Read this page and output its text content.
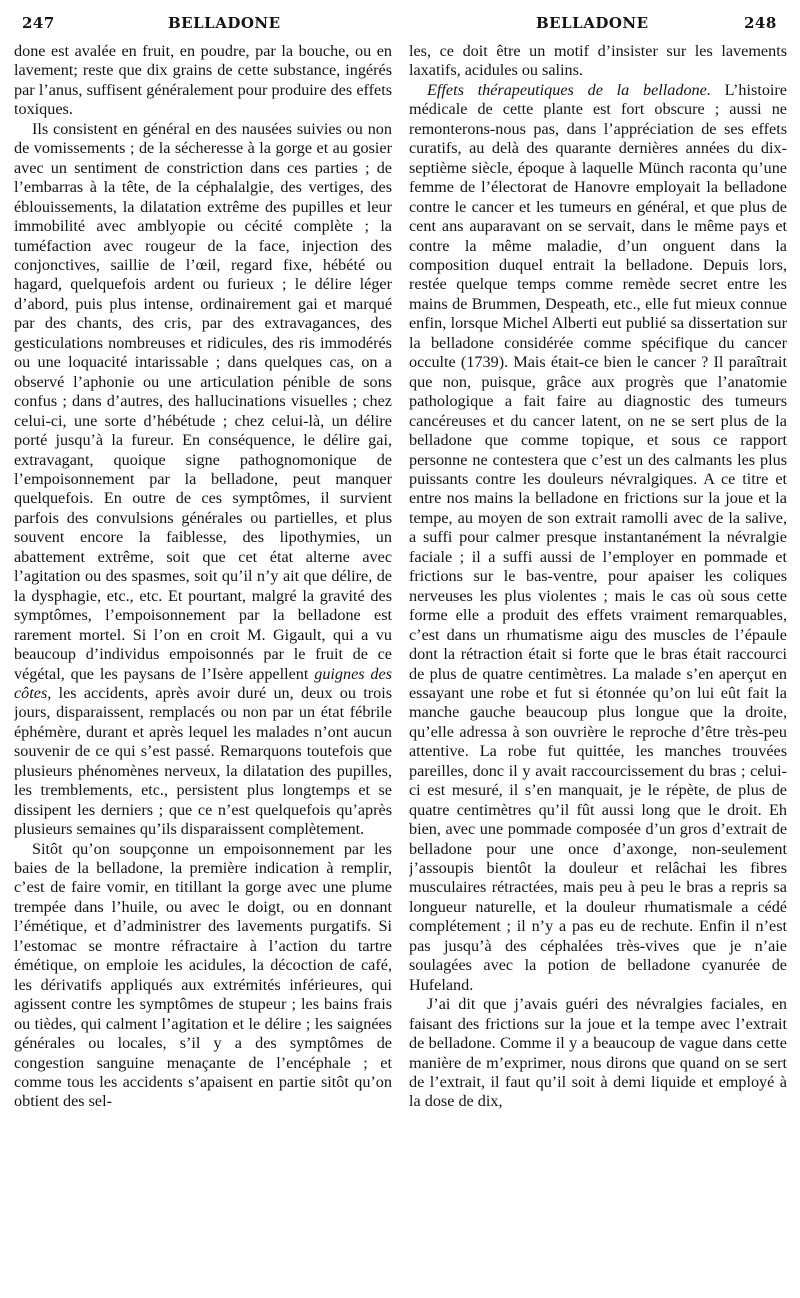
247	BELLADONE	BELLADONE	248

done est avalée en fruit, en poudre, par la bouche, ou en lavement; reste que dix grains de cette substance, ingérés par l’anus, suffisent généralement pour produire des effets toxiques.

Ils consistent en général en des nausées suivies ou non de vomissements ; de la sécheresse à la gorge et au gosier avec un sentiment de constriction dans ces parties ; de l’embarras à la tête, de la céphalalgie, des vertiges, des éblouissements, la dilatation extrême des pupilles et leur immobilité avec amblyopie ou cécité complète ; la tuméfaction avec rougeur de la face, injection des conjonctives, saillie de l’œil, regard fixe, hébété ou hagard, quelquefois ardent ou furieux ; le délire léger d’abord, puis plus intense, ordinairement gai et marqué par des chants, des cris, par des extravagances, des gesticulations nombreuses et ridicules, des ris immodérés ou une loquacité intarissable ; dans quelques cas, on a observé l’aphonie ou une articulation pénible de sons confus ; dans d’autres, des hallucinations visuelles ; chez celui-ci, une sorte d’hébétude ; chez celui-là, un délire porté jusqu’à la fureur. En conséquence, le délire gai, extravagant, quoique signe pathognomonique de l’empoisonnement par la belladone, peut manquer quelquefois. En outre de ces symptômes, il survient parfois des convulsions générales ou partielles, et plus souvent encore la faiblesse, des lipothymies, un abattement extrême, soit que cet état alterne avec l’agitation ou des spasmes, soit qu’il n’y ait que délire, de la dysphagie, etc., etc. Et pourtant, malgré la gravité des symptômes, l’empoisonnement par la belladone est rarement mortel. Si l’on en croit M. Gigault, qui a vu beaucoup d’individus empoisonnés par le fruit de ce végétal, que les paysans de l’Isère appellent guignes des côtes, les accidents, après avoir duré un, deux ou trois jours, disparaissent, remplacés ou non par un état fébrile éphémère, durant et après lequel les malades n’ont aucun souvenir de ce qui s’est passé. Remarquons toutefois que plusieurs phénomènes nerveux, la dilatation des pupilles, les tremblements, etc., persistent plus longtemps et se dissipent les derniers ; que ce n’est quelquefois qu’après plusieurs semaines qu’ils disparaissent complètement.

Sitôt qu’on soupçonne un empoisonnement par les baies de la belladone, la première indication à remplir, c’est de faire vomir, en titillant la gorge avec une plume trempée dans l’huile, ou avec le doigt, ou en donnant l’émétique, et d’administrer des lavements purgatifs. Si l’estomac se montre réfractaire à l’action du tartre émétique, on emploie les acidules, la décoction de café, les dérivatifs appliqués aux extrémités inférieures, qui agissent contre les symptômes de stupeur ; les bains frais ou tièdes, qui calment l’agitation et le délire ; les saignées générales ou locales, s’il y a des symptômes de congestion sanguine menaçante de l’encéphale ; et comme tous les accidents s’apaisent en partie sitôt qu’on obtient des sel-

les, ce doit être un motif d’insister sur les lavements laxatifs, acidules ou salins.

Effets thérapeutiques de la belladone. L’histoire médicale de cette plante est fort obscure ; aussi ne remonterons-nous pas, dans l’appréciation de ses effets curatifs, au delà des quarante dernières années du dix-septième siècle, époque à laquelle Münch raconta qu’une femme de l’électorat de Hanovre employait la belladone contre le cancer et les tumeurs en général, et que plus de cent ans auparavant on se servait, dans le même pays et contre la même maladie, d’un onguent dans la composition duquel entrait la belladone. Depuis lors, restée quelque temps comme remède secret entre les mains de Brummen, Despeath, etc., elle fut mieux connue enfin, lorsque Michel Alberti eut publié sa dissertation sur la belladone considérée comme spécifique du cancer occulte (1739). Mais était-ce bien le cancer ? Il paraîtrait que non, puisque, grâce aux progrès que l’anatomie pathologique a fait faire au diagnostic des tumeurs cancéreuses et du cancer latent, on ne se sert plus de la belladone que comme topique, et sous ce rapport personne ne contestera que c’est un des calmants les plus puissants contre les douleurs névralgiques. A ce titre et entre nos mains la belladone en frictions sur la joue et la tempe, au moyen de son extrait ramolli avec de la salive, a suffi pour calmer presque instantanément la névralgie faciale ; il a suffi aussi de l’employer en pommade et frictions sur le bas-ventre, pour apaiser les coliques nerveuses les plus violentes ; mais le cas où sous cette forme elle a produit des effets vraiment remarquables, c’est dans un rhumatisme aigu des muscles de l’épaule dont la rétraction était si forte que le bras était raccourci de plus de quatre centimètres. La malade s’en aperçut en essayant une robe et fut si étonnée qu’on lui eût fait la manche gauche beaucoup plus longue que la droite, qu’elle adressa à son ouvrière le reproche d’être très-peu attentive. La robe fut quittée, les manches trouvées pareilles, donc il y avait raccourcissement du bras ; celui-ci est mesuré, il s’en manquait, je le répète, de plus de quatre centimètres qu’il fût aussi long que le droit. Eh bien, avec une pommade composée d’un gros d’extrait de belladone pour une once d’axonge, non-seulement j’assoupis bientôt la douleur et relâchai les fibres musculaires rétractées, mais peu à peu le bras a repris sa longueur naturelle, et la douleur rhumatismale a cédé complétement ; il n’y a pas eu de rechute. Enfin il n’est pas jusqu’à des céphalées très-vives que je n’aie soulagées avec la potion de belladone cyanurée de Hufeland.

J’ai dit que j’avais guéri des névralgies faciales, en faisant des frictions sur la joue et la tempe avec l’extrait de belladone. Comme il y a beaucoup de vague dans cette manière de m’exprimer, nous dirons que quand on se sert de l’extrait, il faut qu’il soit à demi liquide et employé à la dose de dix,
